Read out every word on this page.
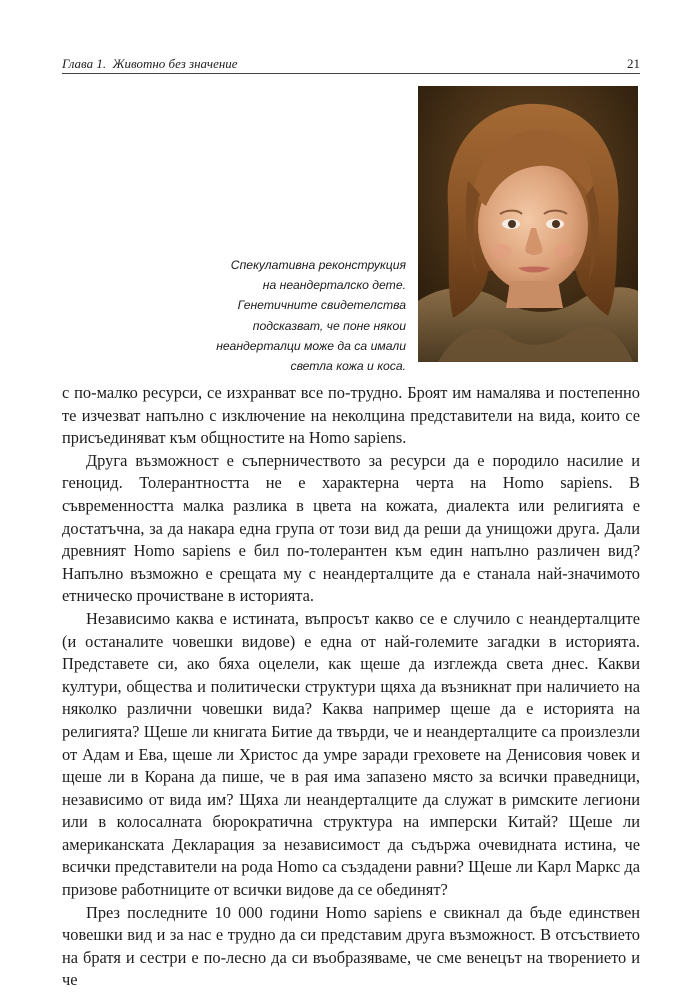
Глава 1. Животно без значение	21
Спекулативна реконструкция
на неандерталско дете.
Генетичните свидетелства
подсказват, че поне някои
неандерталци може да са имали
светла кожа и коса.

с по-малко ресурси, се изхранват все по-трудно. Броят им намалява и постепенно те изчезват напълно с изключение на неколцина представители на вида, които се присъединяват към общностите на Homo sapiens.

Друга възможност е съперничеството за ресурси да е породило насилие и геноцид. Толерантността не е характерна черта на Homo sapiens. В съвременността малка разлика в цвета на кожата, диалекта или религията е достатъчна, за да накара една група от този вид да реши да унищожи друга. Дали древният Homo sapiens е бил по-толерантен към един напълно различен вид? Напълно възможно е срещата му с неандерталците да е станала най-значимото етническо прочистване в историята.

Независимо каква е истината, въпросът какво се е случило с неандерталците (и останалите човешки видове) е една от най-големите загадки в историята. Представете си, ако бяха оцелели, как щеше да изглежда света днес. Какви култури, общества и политически структури щяха да възникнат при наличието на няколко различни човешки вида? Каква например щеше да е историята на религията? Щеше ли книгата Битие да твърди, че и неандерталците са произлезли от Адам и Ева, щеше ли Христос да умре заради греховете на Денисовия човек и щеше ли в Корана да пише, че в рая има запазено място за всички праведници, независимо от вида им? Щяха ли неандерталците да служат в римските легиони или в колосалната бюрократична структура на имперски Китай? Щеше ли американската Декларация за независимост да съдържа очевидната истина, че всички представители на рода Homo са създадени равни? Щеше ли Карл Маркс да призове работниците от всички видове да се обединят?

През последните 10 000 години Homo sapiens е свикнал да бъде единствен човешки вид и за нас е трудно да си представим друга възможност. В отсъствието на братя и сестри е по-лесно да си въобразяваме, че сме венецът на творението и че
